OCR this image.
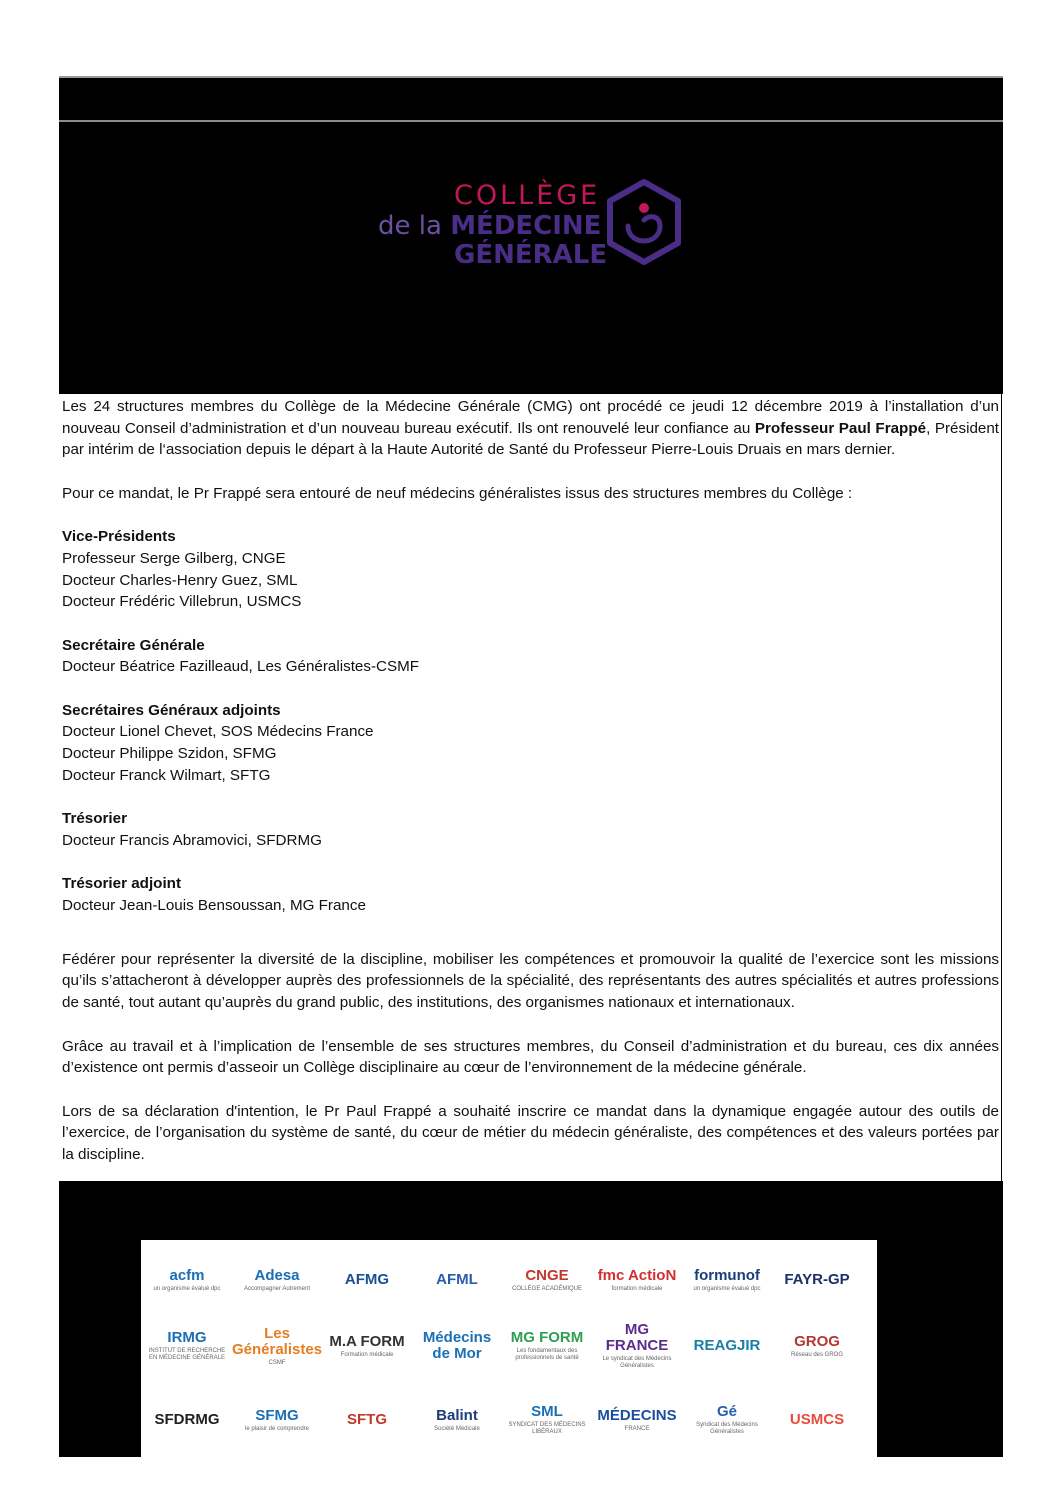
COLLÈGE
de la MÉDECINE
GÉNÉRALE

Les 24 structures membres du Collège de la Médecine Générale (CMG) ont procédé ce jeudi 12 décembre 2019 à l’installation d’un nouveau Conseil d’administration et d’un nouveau bureau exécutif. Ils ont renouvelé leur confiance au Professeur Paul Frappé, Président par intérim de l‘association depuis le départ à la Haute Autorité de Santé du Professeur Pierre-Louis Druais en mars dernier.

Pour ce mandat, le Pr Frappé sera entouré de neuf médecins généralistes issus des structures membres du Collège :

Vice-Présidents
Professeur Serge Gilberg, CNGE
Docteur Charles-Henry Guez, SML
Docteur Frédéric Villebrun, USMCS
Secrétaire Générale
Docteur Béatrice Fazilleaud, Les Généralistes-CSMF
Secrétaires Généraux adjoints
Docteur Lionel Chevet, SOS Médecins France
Docteur Philippe Szidon, SFMG
Docteur Franck Wilmart, SFTG
Trésorier
Docteur Francis Abramovici, SFDRMG
Trésorier adjoint
Docteur Jean-Louis Bensoussan, MG France

Fédérer pour représenter la diversité de la discipline, mobiliser les compétences et promouvoir la qualité de l’exercice sont les missions qu’ils s’attacheront à développer auprès des professionnels de la spécialité, des représentants des autres spécialités et autres professions de santé, tout autant qu’auprès du grand public, des institutions, des organismes nationaux et internationaux.

Grâce au travail et à l’implication de l’ensemble de ses structures membres, du Conseil d’administration et du bureau, ces dix années d’existence ont permis d’asseoir un Collège disciplinaire au cœur de l’environnement de la médecine générale.

Lors de sa déclaration d'intention, le Pr Paul Frappé a souhaité inscrire ce mandat dans la dynamique engagée autour des outils de l’exercice, de l’organisation du système de santé, du cœur de métier du médecin généraliste, des compétences et des valeurs portées par la discipline.

acfm
un organisme évalué dpc
Adesa
Accompagner Autrement
AFMG	AFML	CNGE
COLLÈGE ACADÉMIQUE
fmc ActioN
formation médicale
formunof
un organisme évalué dpc
FAYR-GP
IRMG
INSTITUT DE RECHERCHE EN MÉDECINE GÉNÉRALE
Les Généralistes
CSMF
M.A FORM
Formation médicale
Médecins de Mor
MG FORM
Les fondamentaux des professionnels de santé
MG FRANCE
Le syndicat des Médecins Généralistes
REAGJIR GROG
Réseau des GROG
SFDRMG SFMG
le plaisir de comprendre
SFTG	Balint
Société Médicale
SML
SYNDICAT DES MÉDECINS LIBÉRAUX
MÉDECINS
FRANCE
Gé
Syndicat des Médecins Généralistes
USMCS
